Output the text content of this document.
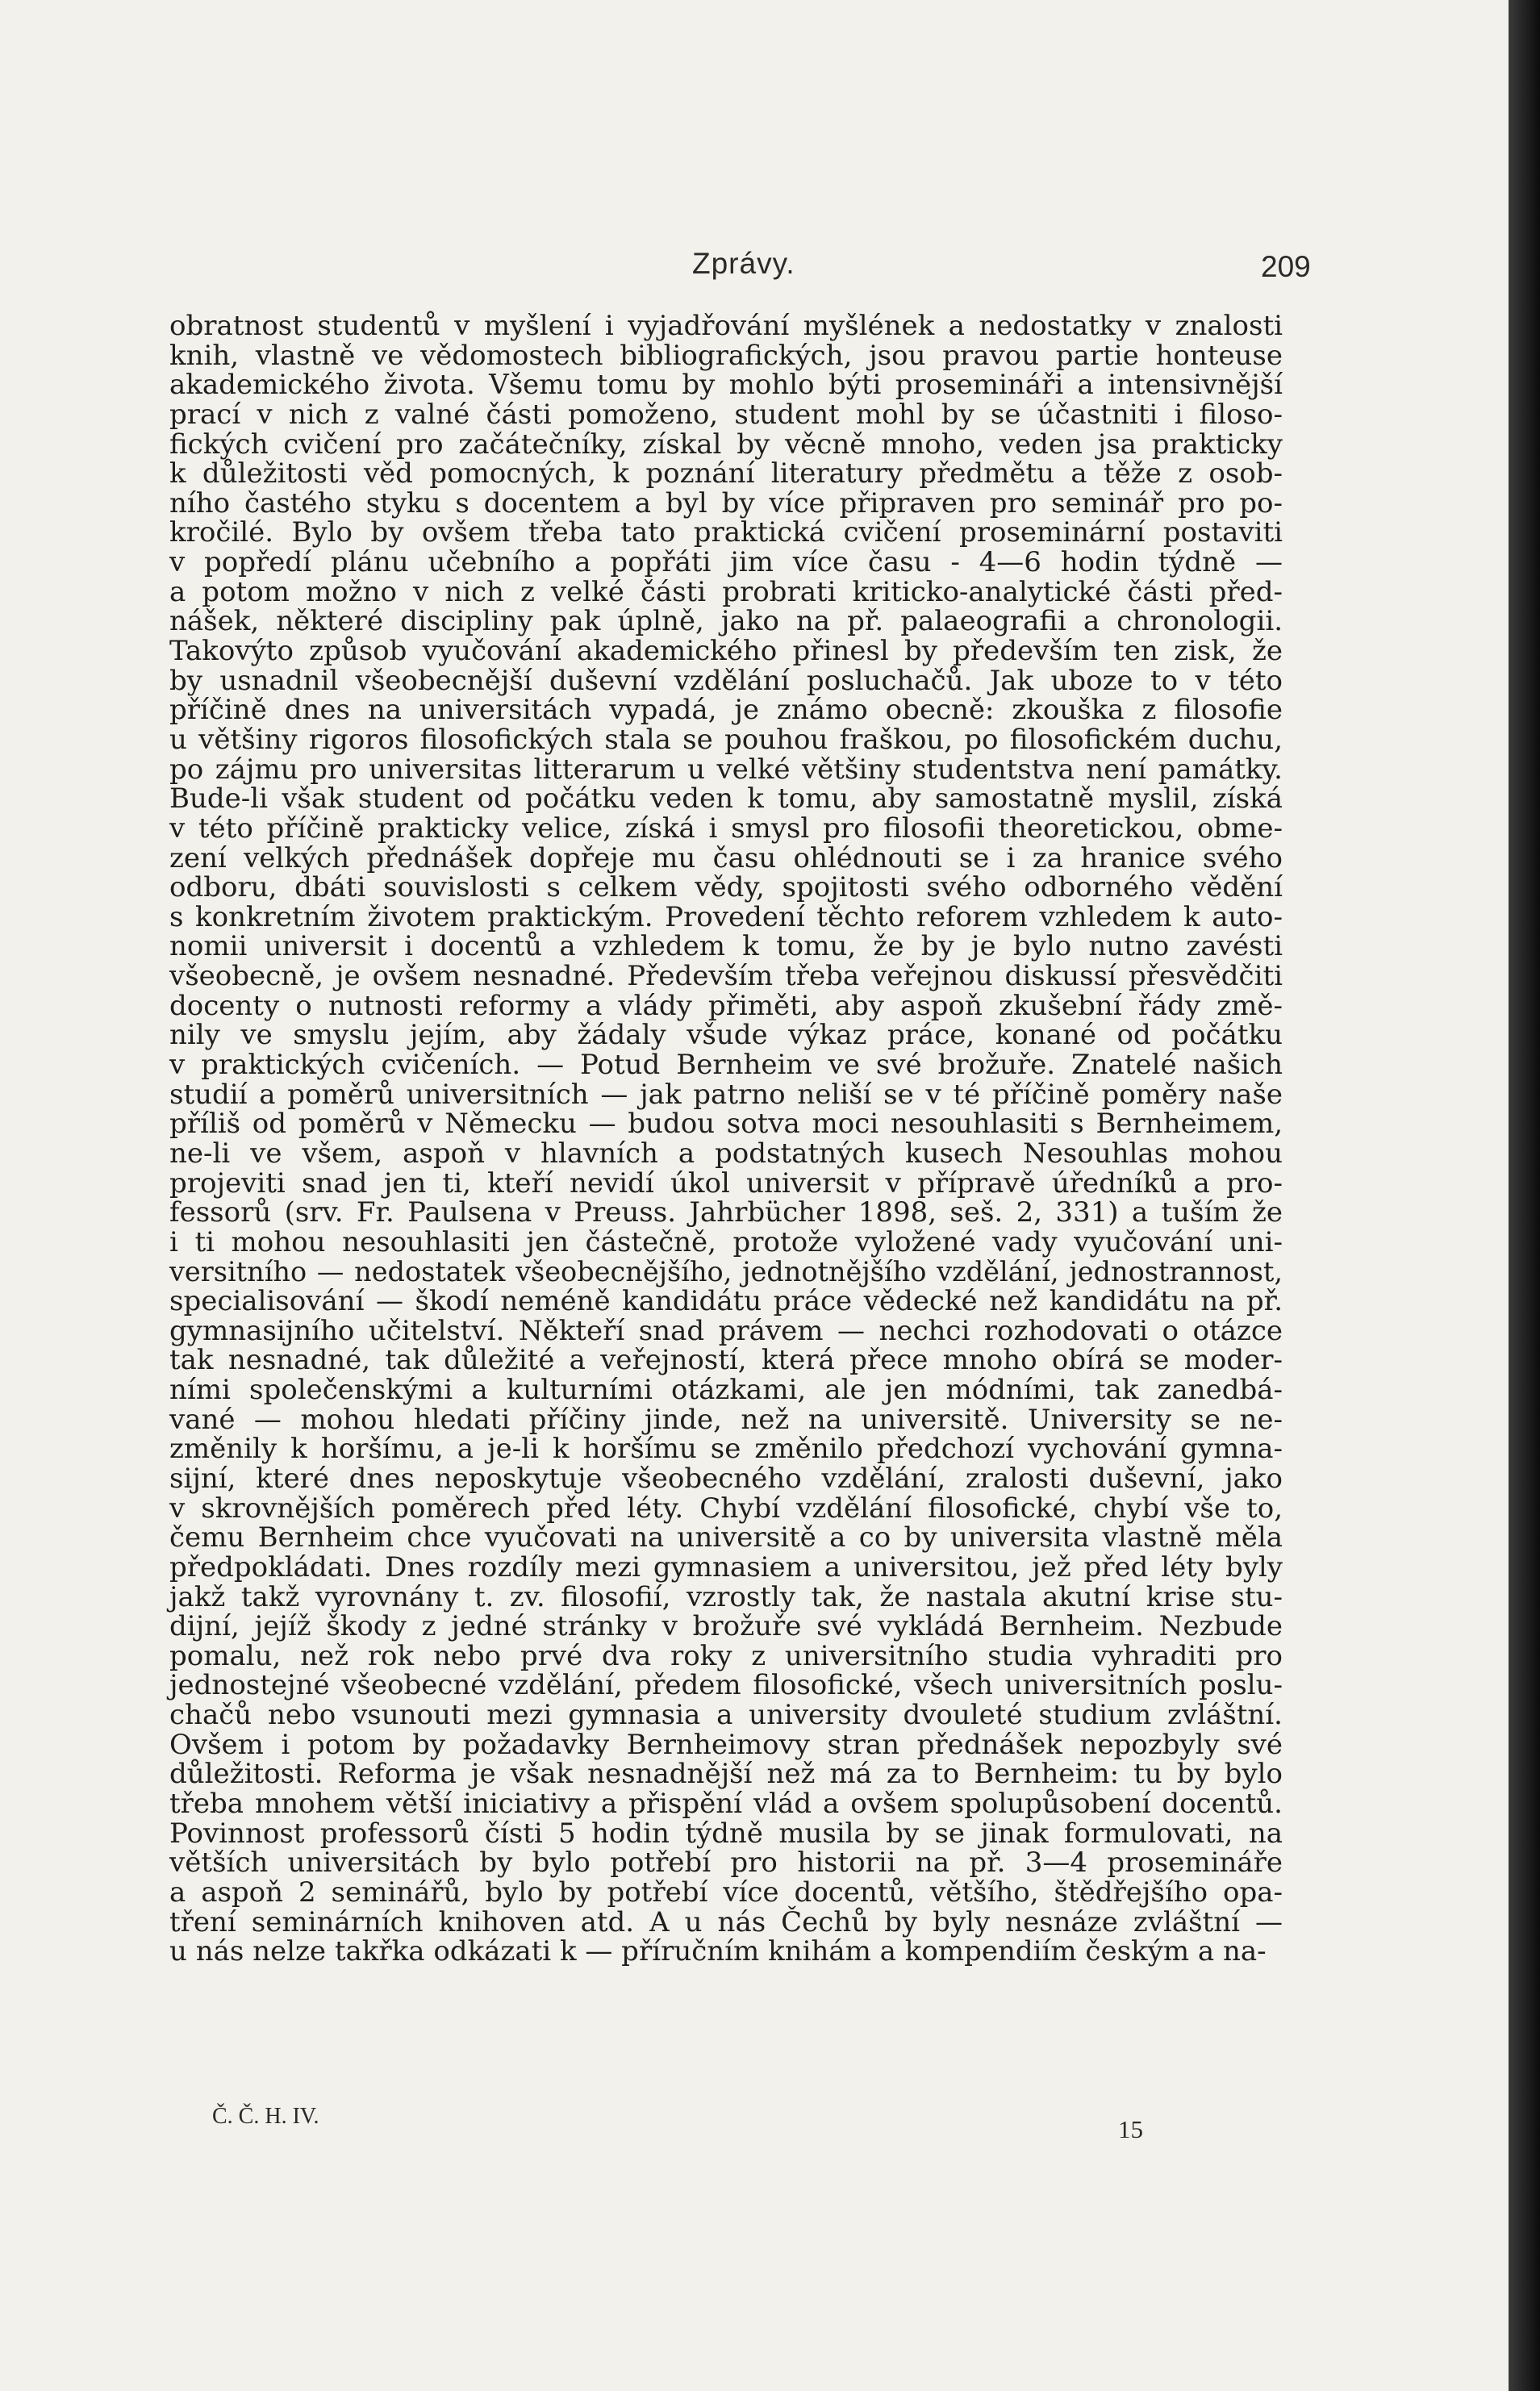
Zprávy.	209
obratnost studentů v myšlení i vyjadřování myšlének a nedostatky v znalosti
knih, vlastně ve vědomostech bibliografických, jsou pravou partie honteuse
akademického života. Všemu tomu by mohlo býti prosemináři a intensivnější
prací v nich z valné části pomoženo, student mohl by se účastniti i filoso-
fických cvičení pro začátečníky, získal by věcně mnoho, veden jsa prakticky
k důležitosti věd pomocných, k poznání literatury předmětu a těže z osob-
ního častého styku s docentem a byl by více připraven pro seminář pro po-
kročilé. Bylo by ovšem třeba tato praktická cvičení proseminární postaviti
v popředí plánu učebního a popřáti jim více času - 4—6 hodin týdně —
a potom možno v nich z velké části probrati kriticko-analytické části před-
nášek, některé discipliny pak úplně, jako na př. palaeografii a chronologii.
Takovýto způsob vyučování akademického přinesl by především ten zisk, že
by usnadnil všeobecnější duševní vzdělání posluchačů. Jak uboze to v této
příčině dnes na universitách vypadá, je známo obecně: zkouška z filosofie
u většiny rigoros filosofických stala se pouhou fraškou, po filosofickém duchu,
po zájmu pro universitas litterarum u velké většiny studentstva není památky.
Bude-li však student od počátku veden k tomu, aby samostatně myslil, získá
v této příčině prakticky velice, získá i smysl pro filosofii theoretickou, obme-
zení velkých přednášek dopřeje mu času ohlédnouti se i za hranice svého
odboru, dbáti souvislosti s celkem vědy, spojitosti svého odborného vědění
s konkretním životem praktickým. Provedení těchto reforem vzhledem k auto-
nomii universit i docentů a vzhledem k tomu, že by je bylo nutno zavésti
všeobecně, je ovšem nesnadné. Především třeba veřejnou diskussí přesvědčiti
docenty o nutnosti reformy a vlády přiměti, aby aspoň zkušební řády změ-
nily ve smyslu jejím, aby žádaly všude výkaz práce, konané od počátku
v praktických cvičeních. — Potud Bernheim ve své brožuře. Znatelé našich
studií a poměrů universitních — jak patrno neliší se v té příčině poměry naše
příliš od poměrů v Německu — budou sotva moci nesouhlasiti s Bernheimem,
ne-li ve všem, aspoň v hlavních a podstatných kusech Nesouhlas mohou
projeviti snad jen ti, kteří nevidí úkol universit v přípravě úředníků a pro-
fessorů (srv. Fr. Paulsena v Preuss. Jahrbücher 1898, seš. 2, 331) a tuším že
i ti mohou nesouhlasiti jen částečně, protože vyložené vady vyučování uni-
versitního — nedostatek všeobecnějšího, jednotnějšího vzdělání, jednostrannost,
specialisování — škodí neméně kandidátu práce vědecké než kandidátu na př.
gymnasijního učitelství. Někteří snad právem — nechci rozhodovati o otázce
tak nesnadné, tak důležité a veřejností, která přece mnoho obírá se moder-
ními společenskými a kulturními otázkami, ale jen módními, tak zanedbá-
vané — mohou hledati příčiny jinde, než na universitě. University se ne-
změnily k horšímu, a je-li k horšímu se změnilo předchozí vychování gymna-
sijní, které dnes neposkytuje všeobecného vzdělání, zralosti duševní, jako
v skrovnějších poměrech před léty. Chybí vzdělání filosofické, chybí vše to,
čemu Bernheim chce vyučovati na universitě a co by universita vlastně měla
předpokládati. Dnes rozdíly mezi gymnasiem a universitou, jež před léty byly
jakž takž vyrovnány t. zv. filosofií, vzrostly tak, že nastala akutní krise stu-
dijní, jejíž škody z jedné stránky v brožuře své vykládá Bernheim. Nezbude
pomalu, než rok nebo prvé dva roky z universitního studia vyhraditi pro
jednostejné všeobecné vzdělání, předem filosofické, všech universitních poslu-
chačů nebo vsunouti mezi gymnasia a university dvouleté studium zvláštní.
Ovšem i potom by požadavky Bernheimovy stran přednášek nepozbyly své
důležitosti. Reforma je však nesnadnější než má za to Bernheim: tu by bylo
třeba mnohem větší iniciativy a přispění vlád a ovšem spolupůsobení docentů.
Povinnost professorů čísti 5 hodin týdně musila by se jinak formulovati, na
větších universitách by bylo potřebí pro historii na př. 3—4 prosemináře
a aspoň 2 seminářů, bylo by potřebí více docentů, většího, štědřejšího opa-
tření seminárních knihoven atd. A u nás Čechů by byly nesnáze zvláštní —
u nás nelze takřka odkázati k — příručním knihám a kompendiím českým a na-
Č. Č. H. IV.	15
